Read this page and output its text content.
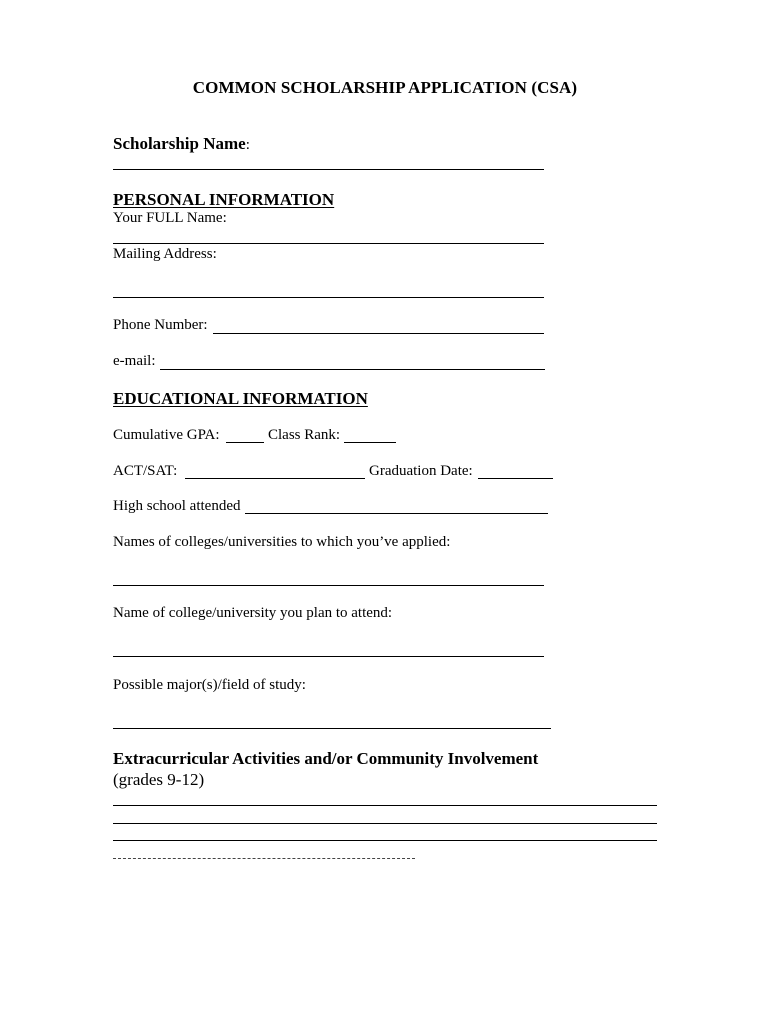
COMMON SCHOLARSHIP APPLICATION (CSA)
Scholarship Name:
PERSONAL INFORMATION
Your FULL Name:
Mailing Address:
Phone Number:
e-mail:
EDUCATIONAL INFORMATION
Cumulative GPA:	Class Rank:
ACT/SAT:	Graduation Date:
High school attended
Names of colleges/universities to which you’ve applied:
Name of college/university you plan to attend:
Possible major(s)/field of study:
Extracurricular Activities and/or Community Involvement
(grades 9-12)
